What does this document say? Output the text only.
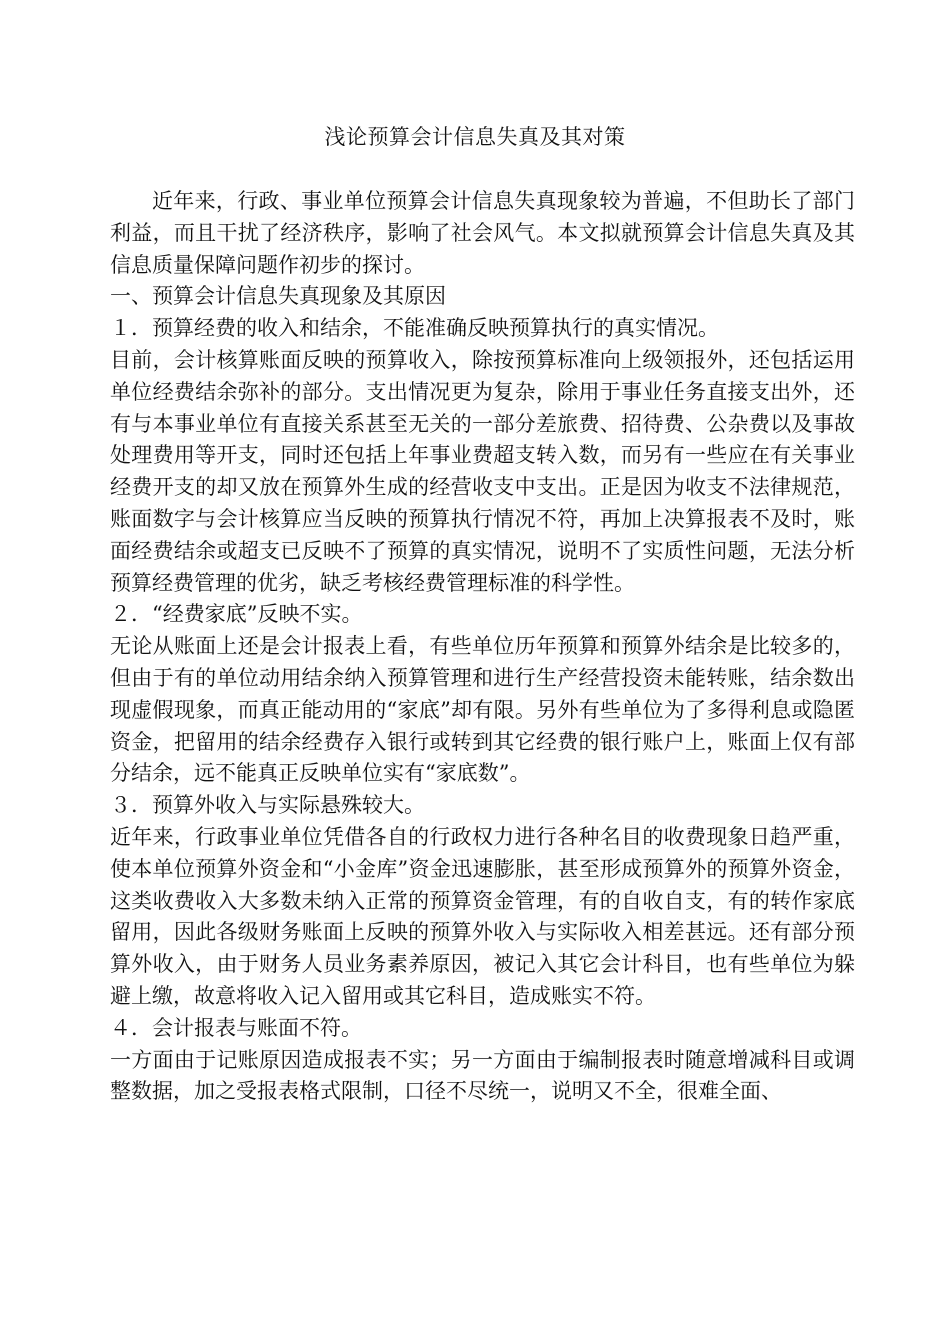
浅论预算会计信息失真及其对策

近年来，行政、事业单位预算会计信息失真现象较为普遍，不但助长了部门利益，而且干扰了经济秩序，影响了社会风气。本文拟就预算会计信息失真及其信息质量保障问题作初步的探讨。

一、预算会计信息失真现象及其原因

１．预算经费的收入和结余，不能准确反映预算执行的真实情况。

目前，会计核算账面反映的预算收入，除按预算标准向上级领报外，还包括运用单位经费结余弥补的部分。支出情况更为复杂，除用于事业任务直接支出外，还有与本事业单位有直接关系甚至无关的一部分差旅费、招待费、公杂费以及事故处理费用等开支，同时还包括上年事业费超支转入数，而另有一些应在有关事业经费开支的却又放在预算外生成的经营收支中支出。正是因为收支不法律规范，账面数字与会计核算应当反映的预算执行情况不符，再加上决算报表不及时，账面经费结余或超支已反映不了预算的真实情况，说明不了实质性问题，无法分析预算经费管理的优劣，缺乏考核经费管理标准的科学性。

２．“经费家底”反映不实。

无论从账面上还是会计报表上看，有些单位历年预算和预算外结余是比较多的，但由于有的单位动用结余纳入预算管理和进行生产经营投资未能转账，结余数出现虚假现象，而真正能动用的“家底”却有限。另外有些单位为了多得利息或隐匿资金，把留用的结余经费存入银行或转到其它经费的银行账户上，账面上仅有部分结余，远不能真正反映单位实有“家底数”。

３．预算外收入与实际悬殊较大。

近年来，行政事业单位凭借各自的行政权力进行各种名目的收费现象日趋严重，使本单位预算外资金和“小金库”资金迅速膨胀，甚至形成预算外的预算外资金，这类收费收入大多数未纳入正常的预算资金管理，有的自收自支，有的转作家底留用，因此各级财务账面上反映的预算外收入与实际收入相差甚远。还有部分预算外收入，由于财务人员业务素养原因，被记入其它会计科目，也有些单位为躲避上缴，故意将收入记入留用或其它科目，造成账实不符。

４．会计报表与账面不符。

一方面由于记账原因造成报表不实；另一方面由于编制报表时随意增减科目或调整数据，加之受报表格式限制，口径不尽统一，说明又不全，很难全面、
